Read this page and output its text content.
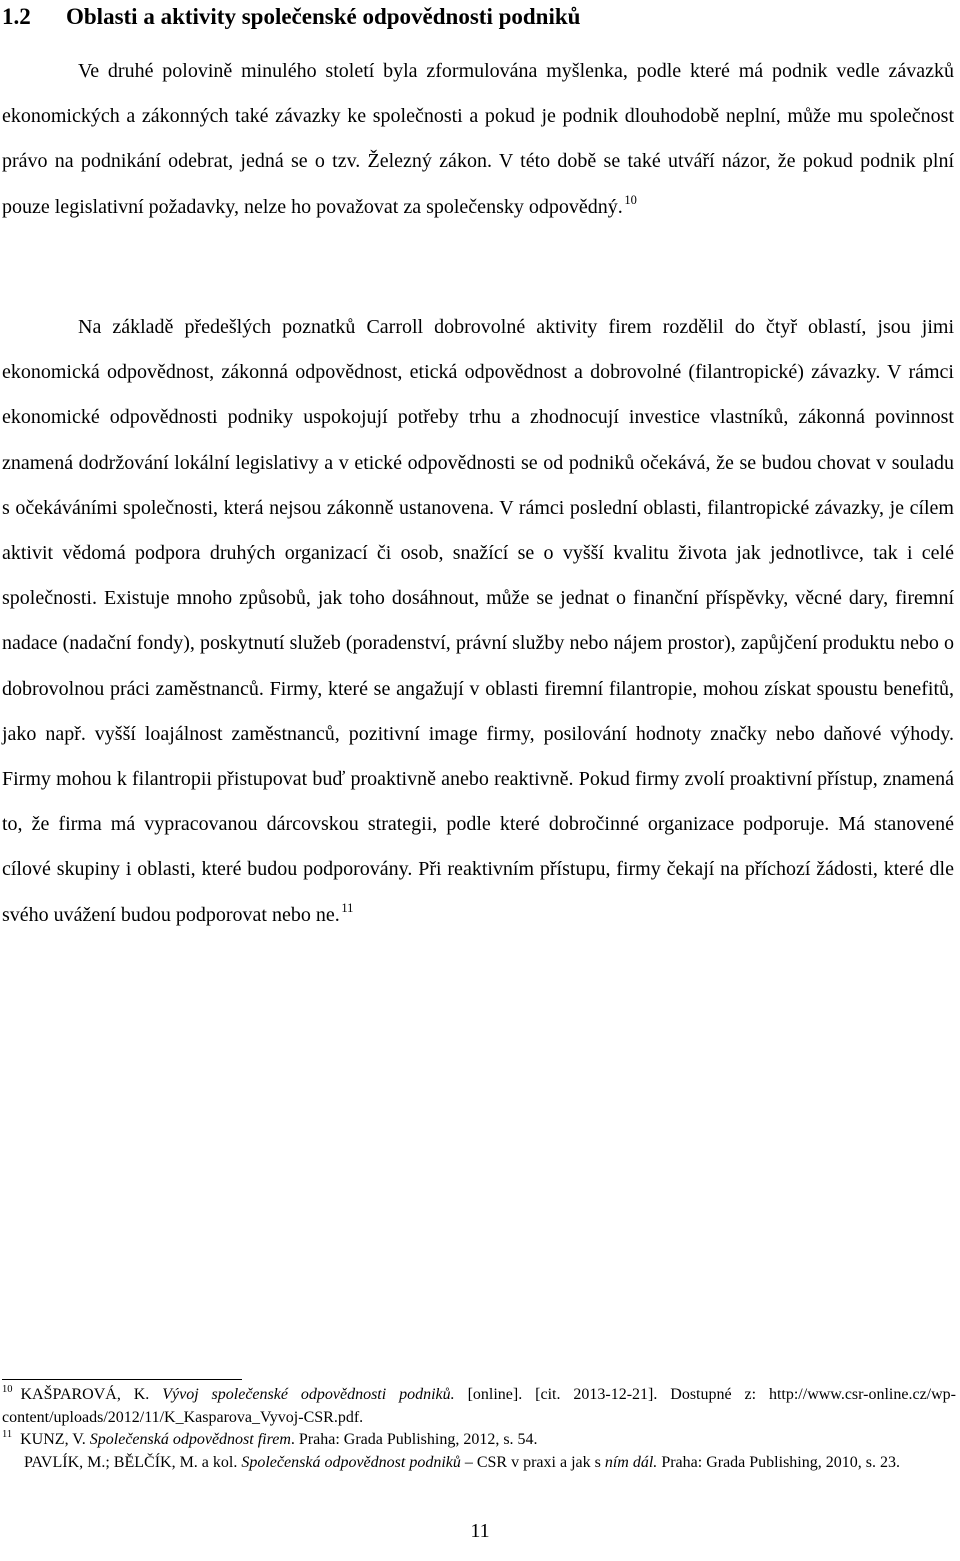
1.2 Oblasti a aktivity společenské odpovědnosti podniků

Ve druhé polovině minulého století byla zformulována myšlenka, podle které má podnik vedle závazků ekonomických a zákonných také závazky ke společnosti a pokud je podnik dlouhodobě neplní, může mu společnost právo na podnikání odebrat, jedná se o tzv. Železný zákon. V této době se také utváří názor, že pokud podnik plní pouze legislativní požadavky, nelze ho považovat za společensky odpovědný.  $^{10}$

Na základě předešlých poznatků Carroll dobrovolné aktivity firem rozdělil do čtyř oblastí, jsou jimi ekonomická odpovědnost, zákonná odpovědnost, etická odpovědnost a dobrovolné (filantropické) závazky. V rámci ekonomické odpovědnosti podniky uspokojují potřeby trhu a zhodnocují investice vlastníků, zákonná povinnost znamená dodržování lokální legislativy a v etické odpovědnosti se od podniků očekává, že se budou chovat v souladu s očekáváními společnosti, která nejsou zákonně ustanovena. V rámci poslední oblasti, filantropické závazky, je cílem aktivit vědomá podpora druhých organizací či osob, snažící se o vyšší kvalitu života jak jednotlivce, tak i celé společnosti. Existuje mnoho způsobů, jak toho dosáhnout, může se jednat o finanční příspěvky, věcné dary, firemní nadace (nadační fondy), poskytnutí služeb (poradenství, právní služby nebo nájem prostor), zapůjčení produktu nebo o dobrovolnou práci zaměstnanců. Firmy, které se angažují v oblasti firemní filantropie, mohou získat spoustu benefitů, jako např. vyšší loajálnost zaměstnanců, pozitivní image firmy, posilování hodnoty značky nebo daňové výhody. Firmy mohou k filantropii přistupovat buď proaktivně anebo reaktivně. Pokud firmy zvolí proaktivní přístup, znamená to, že firma má vypracovanou dárcovskou strategii, podle které dobročinné organizace podporuje. Má stanovené cílové skupiny i oblasti, které budou podporovány. Při reaktivním přístupu, firmy čekají na příchozí žádosti, které dle svého uvážení budou podporovat nebo ne.  $^{11}$

$^{10}$ KAŠPAROVÁ, K. Vývoj společenské odpovědnosti podniků. [online]. [cit. 2013-12-21]. Dostupné z: http://www.csr-online.cz/wp-content/uploads/2012/11/K_Kasparova_Vyvoj-CSR.pdf.

$^{11}$ KUNZ, V. Společenská odpovědnost firem. Praha: Grada Publishing, 2012, s. 54.

PAVLÍK, M.; BĚLČÍK, M. a kol. Společenská odpovědnost podniků – CSR v praxi a jak s ním dál. Praha: Grada Publishing, 2010, s. 23.

11
